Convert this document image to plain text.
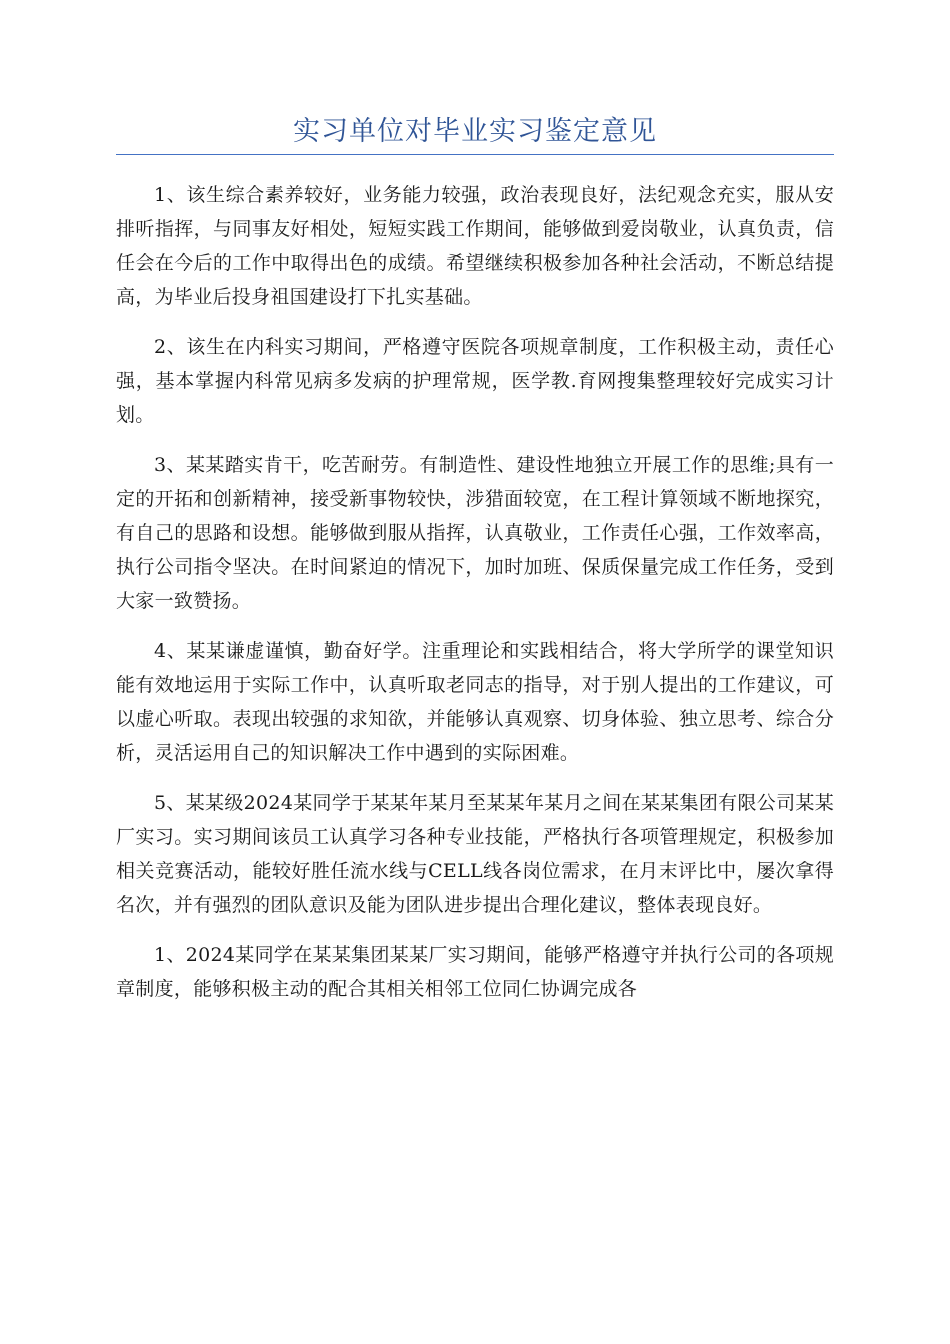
实习单位对毕业实习鉴定意见

1、该生综合素养较好，业务能力较强，政治表现良好，法纪观念充实，服从安排听指挥，与同事友好相处，短短实践工作期间，能够做到爱岗敬业，认真负责，信任会在今后的工作中取得出色的成绩。希望继续积极参加各种社会活动，不断总结提高，为毕业后投身祖国建设打下扎实基础。

2、该生在内科实习期间，严格遵守医院各项规章制度，工作积极主动，责任心强，基本掌握内科常见病多发病的护理常规，医学教.育网搜集整理较好完成实习计划。

3、某某踏实肯干，吃苦耐劳。有制造性、建设性地独立开展工作的思维;具有一定的开拓和创新精神，接受新事物较快，涉猎面较宽，在工程计算领域不断地探究，有自己的思路和设想。能够做到服从指挥，认真敬业，工作责任心强，工作效率高，执行公司指令坚决。在时间紧迫的情况下，加时加班、保质保量完成工作任务，受到大家一致赞扬。

4、某某谦虚谨慎，勤奋好学。注重理论和实践相结合，将大学所学的课堂知识能有效地运用于实际工作中，认真听取老同志的指导，对于别人提出的工作建议，可以虚心听取。表现出较强的求知欲，并能够认真观察、切身体验、独立思考、综合分析，灵活运用自己的知识解决工作中遇到的实际困难。

5、某某级2024某同学于某某年某月至某某年某月之间在某某集团有限公司某某厂实习。实习期间该员工认真学习各种专业技能，严格执行各项管理规定，积极参加相关竞赛活动，能较好胜任流水线与CELL线各岗位需求，在月末评比中，屡次拿得名次，并有强烈的团队意识及能为团队进步提出合理化建议，整体表现良好。

1、2024某同学在某某集团某某厂实习期间，能够严格遵守并执行公司的各项规章制度，能够积极主动的配合其相关相邻工位同仁协调完成各
